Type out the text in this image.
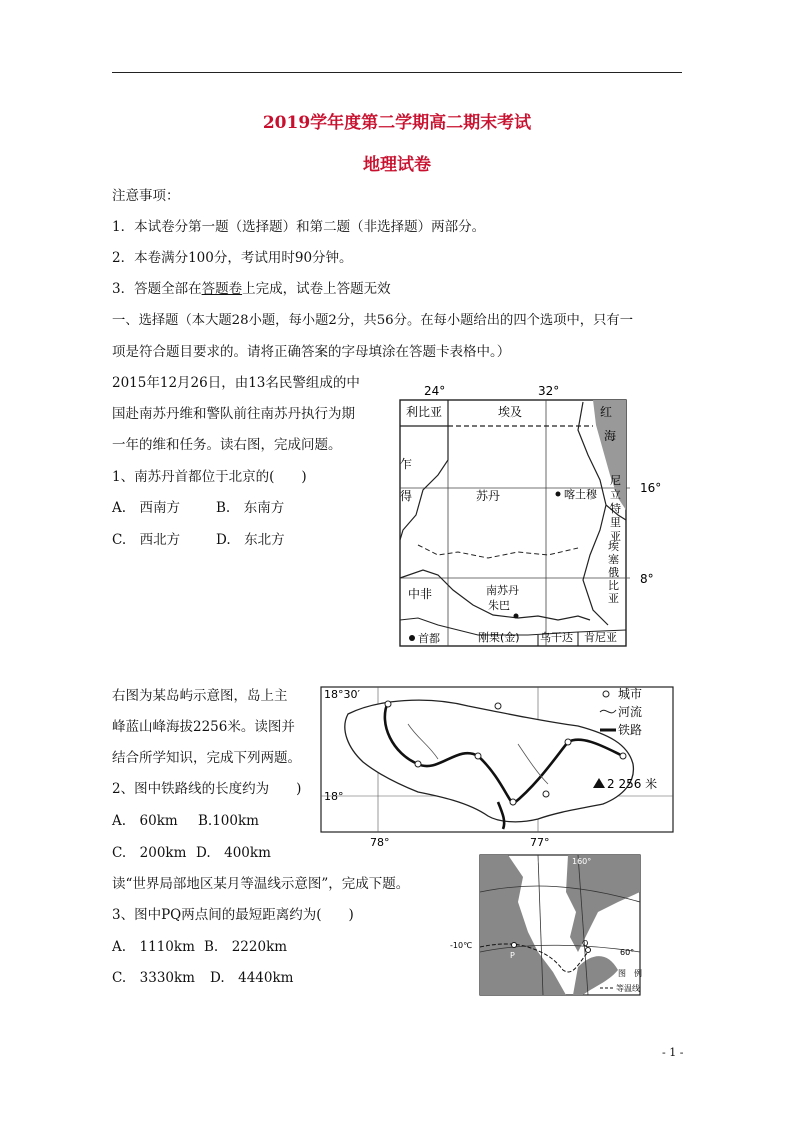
2019学年度第二学期高二期末考试
地理试卷
注意事项：
1．本试卷分第一题（选择题）和第二题（非选择题）两部分。
2．本卷满分100分，考试用时90分钟。
3．答题全部在答题卷上完成，试卷上答题无效
一、选择题（本大题28小题，每小题2分，共56分。在每小题给出的四个选项中，只有一
项是符合题目要求的。请将正确答案的字母填涂在答题卡表格中。）
2015年12月26日，由13名民警组成的中
国赴南苏丹维和警队前往南苏丹执行为期
一年的维和任务。读右图，完成问题。
1、南苏丹首都位于北京的(　　)
A.　西南方	B.　东南方
C.　西北方	D.　东北方
右图为某岛屿示意图，岛上主
峰蓝山峰海拔2256米。读图并
结合所学知识，完成下列两题。
2、图中铁路线的长度约为　　)
A.　60km B.100km
C.　200km D.　400km
读“世界局部地区某月等温线示意图”，完成下题。
3、图中PQ两点间的最短距离约为(　　)
A.　1110km B.　2220km
C.　3330km D.　4440km
24°	32°
16°
8°
利比亚	埃及	红
海
乍
得	苏丹	喀土穆
尼
立
特
里
亚
埃
塞
俄
比
亚
中非	南苏丹
朱巴
刚果(金) 乌干达 肯尼亚
首都
18°30′
18°
78°	77°
2 256 米
城市
河流
铁路
180°	160°
-10℃
P
Q
60°
图　例
等温线
- 1 -
